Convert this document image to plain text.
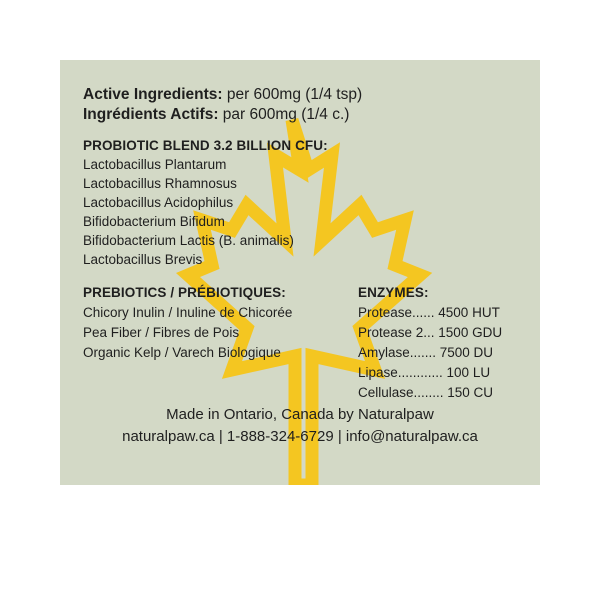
Active Ingredients: per 600mg (1/4 tsp)
Ingrédients Actifs: par 600mg (1/4 c.)
PROBIOTIC BLEND 3.2 BILLION CFU:
Lactobacillus Plantarum
Lactobacillus Rhamnosus
Lactobacillus Acidophilus
Bifidobacterium Bifidum
Bifidobacterium Lactis (B. animalis)
Lactobacillus Brevis
PREBIOTICS / PRÉBIOTIQUES:
Chicory Inulin / Inuline de Chicorée
Pea Fiber / Fibres de Pois
Organic Kelp / Varech Biologique
ENZYMES:
Protease...... 4500 HUT
Protease 2... 1500 GDU
Amylase....... 7500 DU
Lipase............ 100 LU
Cellulase........ 150 CU
Made in Ontario, Canada by Naturalpaw
naturalpaw.ca | 1-888-324-6729 | info@naturalpaw.ca
